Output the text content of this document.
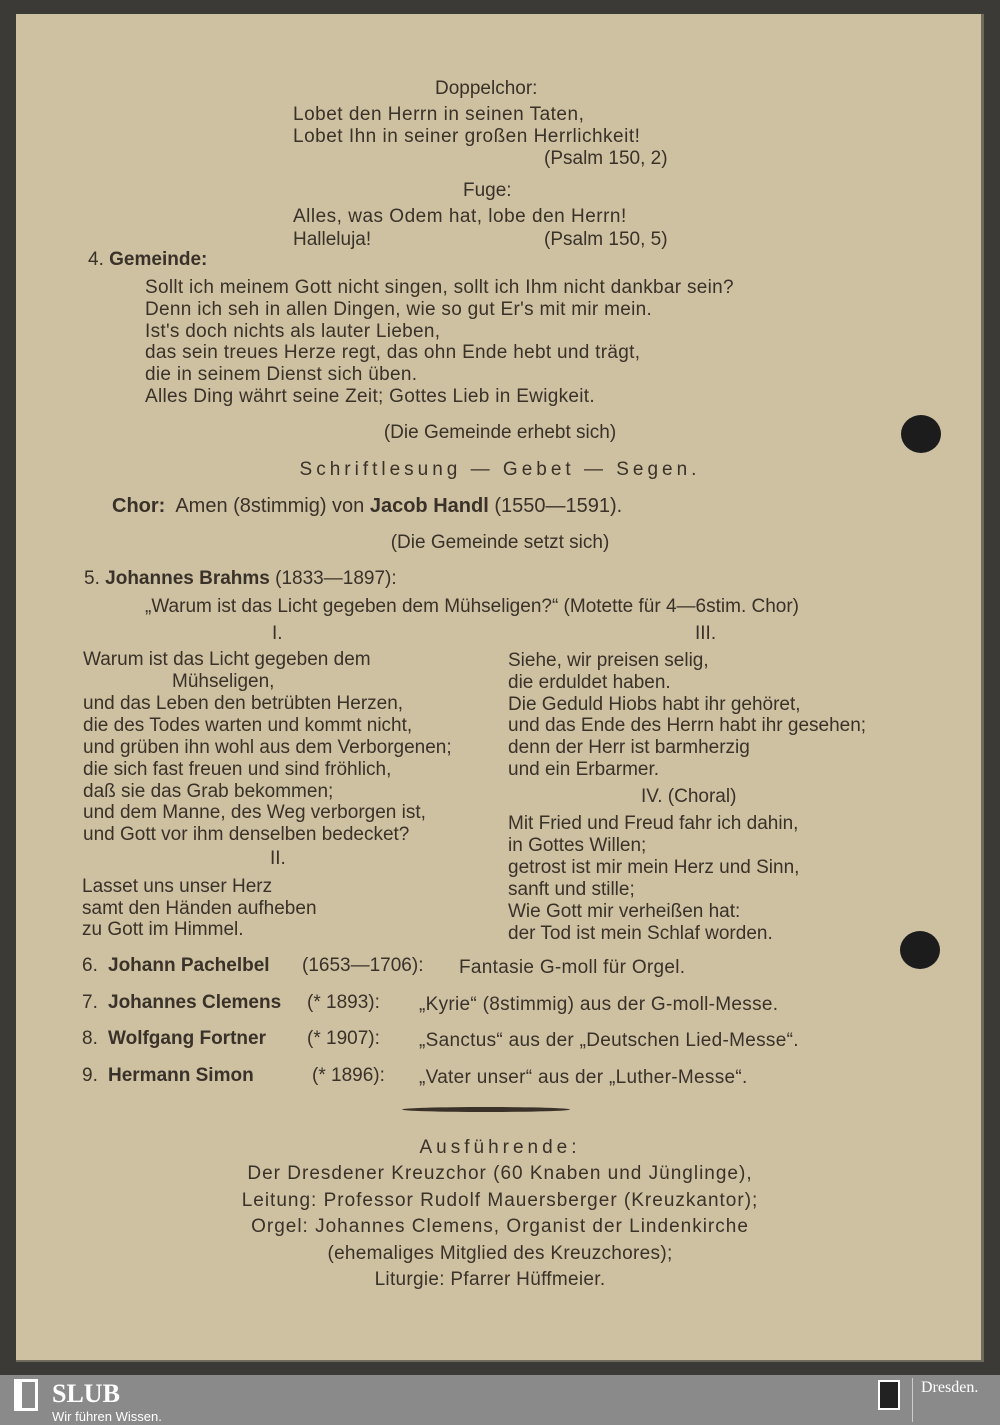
Doppelchor:
Lobet den Herrn in seinen Taten,
Lobet Ihn in seiner großen Herrlichkeit!
(Psalm 150, 2)
Fuge:
Alles, was Odem hat, lobe den Herrn!
Halleluja!	(Psalm 150, 5)
4. Gemeinde:
Sollt ich meinem Gott nicht singen, sollt ich Ihm nicht dankbar sein?
Denn ich seh in allen Dingen, wie so gut Er's mit mir mein.
Ist's doch nichts als lauter Lieben,
das sein treues Herze regt, das ohn Ende hebt und trägt,
die in seinem Dienst sich üben.
Alles Ding währt seine Zeit; Gottes Lieb in Ewigkeit.
(Die Gemeinde erhebt sich)
Schriftlesung — Gebet — Segen.
Chor: Amen (8stimmig) von Jacob Handl (1550—1591).
(Die Gemeinde setzt sich)
5. Johannes Brahms (1833—1897):
„Warum ist das Licht gegeben dem Mühseligen?“ (Motette für 4—6stim. Chor)
I.
Warum ist das Licht gegeben dem
Mühseligen,
und das Leben den betrübten Herzen,
die des Todes warten und kommt nicht,
und grüben ihn wohl aus dem Verborgenen;
die sich fast freuen und sind fröhlich,
daß sie das Grab bekommen;
und dem Manne, des Weg verborgen ist,
und Gott vor ihm denselben bedecket?
II.
Lasset uns unser Herz
samt den Händen aufheben
zu Gott im Himmel.
III.
Siehe, wir preisen selig,
die erduldet haben.
Die Geduld Hiobs habt ihr gehöret,
und das Ende des Herrn habt ihr gesehen;
denn der Herr ist barmherzig
und ein Erbarmer.
IV. (Choral)
Mit Fried und Freud fahr ich dahin,
in Gottes Willen;
getrost ist mir mein Herz und Sinn,
sanft und stille;
Wie Gott mir verheißen hat:
der Tod ist mein Schlaf worden.
6. Johann Pachelbel (1653—1706): Fantasie G-moll für Orgel.
7. Johannes Clemens (* 1893): „Kyrie“ (8stimmig) aus der G-moll-Messe.
8. Wolfgang Fortner (* 1907): „Sanctus“ aus der „Deutschen Lied-Messe“.
9. Hermann Simon	(* 1896): „Vater unser“ aus der „Luther-Messe“.
Ausführende:
Der Dresdener Kreuzchor (60 Knaben und Jünglinge),
Leitung: Professor Rudolf Mauersberger (Kreuzkantor);
Orgel: Johannes Clemens, Organist der Lindenkirche
(ehemaliges Mitglied des Kreuzchores);
Liturgie: Pfarrer Hüffmeier.
SLUB
Wir führen Wissen.
Dresden.
